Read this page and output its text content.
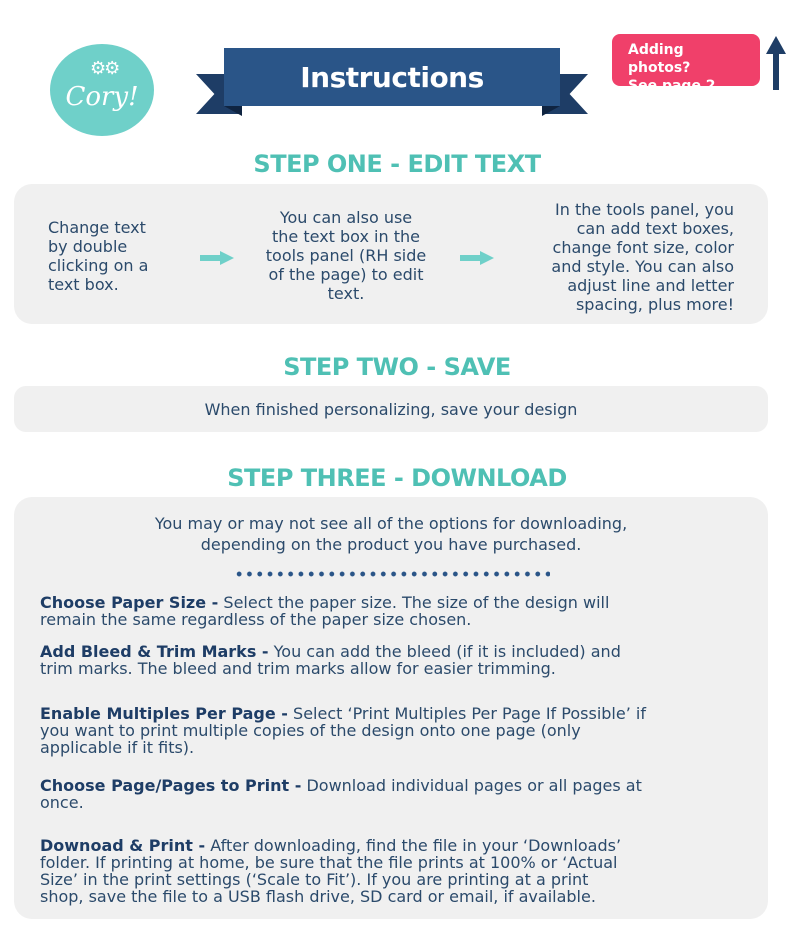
⚙⚙
Cory!
Instructions
Adding photos?
See page 2.
STEP ONE - EDIT TEXT
Change text
by double
clicking on a
text box.
You can also use
the text box in the
tools panel (RH side
of the page) to edit
text.
In the tools panel, you
can add text boxes,
change font size, color
and style. You can also
adjust line and letter
spacing, plus more!
STEP TWO - SAVE
When finished personalizing, save your design
STEP THREE - DOWNLOAD
You may or may not see all of the options for downloading,
depending on the product you have purchased.
Choose Paper Size - Select the paper size. The size of the design will
remain the same regardless of the paper size chosen.
Add Bleed & Trim Marks - You can add the bleed (if it is included) and
trim marks. The bleed and trim marks allow for easier trimming.
Enable Multiples Per Page - Select ‘Print Multiples Per Page If Possible’ if
you want to print multiple copies of the design onto one page (only
applicable if it fits).
Choose Page/Pages to Print - Download individual pages or all pages at
once.
Downoad & Print - After downloading, find the file in your ‘Downloads’
folder. If printing at home, be sure that the file prints at 100% or ‘Actual
Size’ in the print settings (‘Scale to Fit’). If you are printing at a print
shop, save the file to a USB flash drive, SD card or email, if available.
